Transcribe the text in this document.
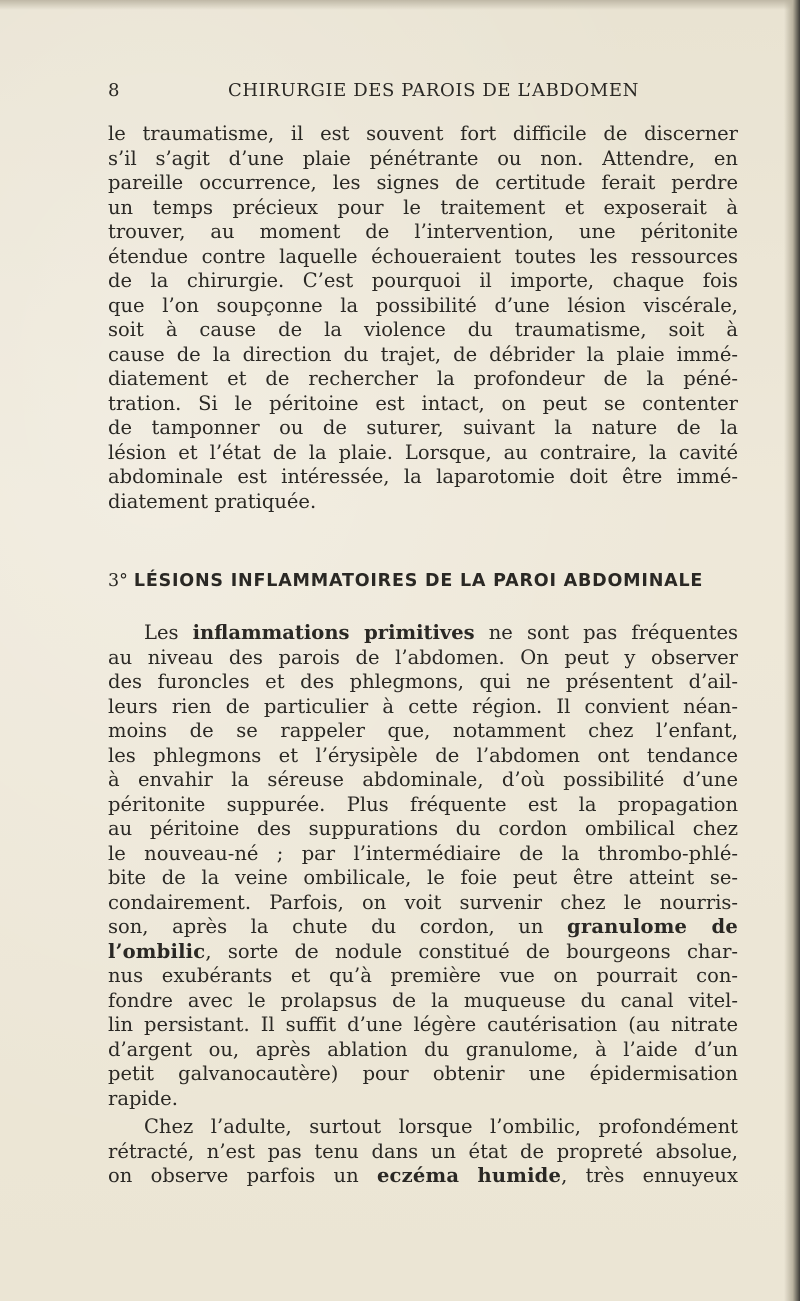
8	CHIRURGIE DES PAROIS DE L’ABDOMEN
le traumatisme, il est souvent fort difficile de discerner
s’il s’agit d’une plaie pénétrante ou non. Attendre, en
pareille occurrence, les signes de certitude ferait perdre
un temps précieux pour le traitement et exposerait à
trouver, au moment de l’intervention, une péritonite
étendue contre laquelle échoueraient toutes les ressources
de la chirurgie. C’est pourquoi il importe, chaque fois
que l’on soupçonne la possibilité d’une lésion viscérale,
soit à cause de la violence du traumatisme, soit à
cause de la direction du trajet, de débrider la plaie immé-
diatement et de rechercher la profondeur de la péné-
tration. Si le péritoine est intact, on peut se contenter
de tamponner ou de suturer, suivant la nature de la
lésion et l’état de la plaie. Lorsque, au contraire, la cavité
abdominale est intéressée, la laparotomie doit être immé-
diatement pratiquée.
3° LÉSIONS INFLAMMATOIRES DE LA PAROI ABDOMINALE
Les inflammations primitives ne sont pas fréquentes
au niveau des parois de l’abdomen. On peut y observer
des furoncles et des phlegmons, qui ne présentent d’ail-
leurs rien de particulier à cette région. Il convient néan-
moins de se rappeler que, notamment chez l’enfant,
les phlegmons et l’érysipèle de l’abdomen ont tendance
à envahir la séreuse abdominale, d’où possibilité d’une
péritonite suppurée. Plus fréquente est la propagation
au péritoine des suppurations du cordon ombilical chez
le nouveau-né ; par l’intermédiaire de la thrombo-phlé-
bite de la veine ombilicale, le foie peut être atteint se-
condairement. Parfois, on voit survenir chez le nourris-
son, après la chute du cordon, un granulome de
l’ombilic, sorte de nodule constitué de bourgeons char-
nus exubérants et qu’à première vue on pourrait con-
fondre avec le prolapsus de la muqueuse du canal vitel-
lin persistant. Il suffit d’une légère cautérisation (au nitrate
d’argent ou, après ablation du granulome, à l’aide d’un
petit galvanocautère) pour obtenir une épidermisation
rapide.
Chez l’adulte, surtout lorsque l’ombilic, profondément
rétracté, n’est pas tenu dans un état de propreté absolue,
on observe parfois un eczéma humide, très ennuyeux
